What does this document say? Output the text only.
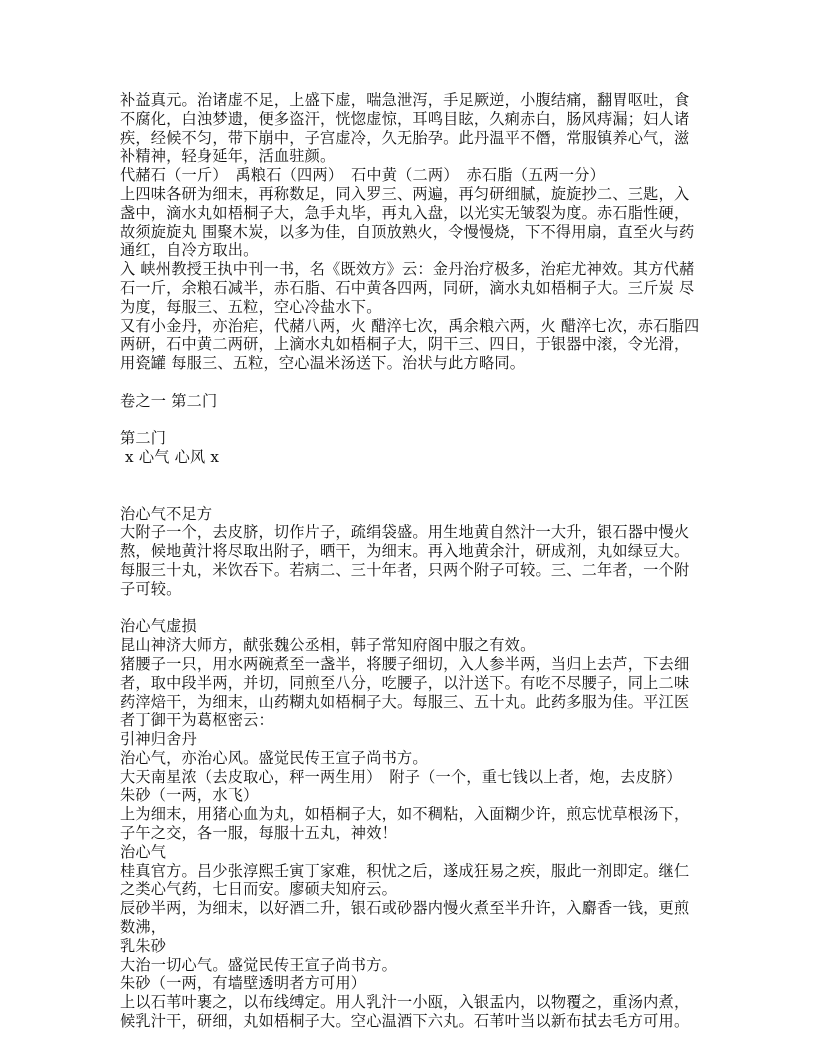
补益真元。治诸虚不足，上盛下虚，喘急泄泻，手足厥逆，小腹结痛，翻胃呕吐，食不腐化，白浊梦遗，便多盗汗，恍惚虚惊，耳鸣目眩，久痢赤白，肠风痔漏；妇人诸疾，经候不匀，带下崩中，子宫虚冷，久无胎孕。此丹温平不僭，常服镇养心气，滋补精神，轻身延年，活血驻颜。

代赭石（一斤）　禹粮石（四两）　石中黄（二两）　赤石脂（五两一分）

上四味各研为细末，再称数足，同入罗三、两遍，再匀研细腻，旋旋抄二、三匙，入盏中，滴水丸如梧桐子大，急手丸毕，再丸入盘，以光实无皱裂为度。赤石脂性硬，故须旋旋丸 围聚木炭，以多为佳，自顶放熟火，令慢慢烧，下不得用扇，直至火与药通红，自冷方取出。

入 峡州教授王执中刊一书，名《既效方》云：金丹治疗极多，治疟尤神效。其方代赭石一斤，余粮石减半，赤石脂、石中黄各四两，同研，滴水丸如梧桐子大。三斤炭 尽为度，每服三、五粒，空心冷盐水下。

又有小金丹，亦治疟，代赭八两，火 醋淬七次，禹余粮六两，火 醋淬七次，赤石脂四两研，石中黄二两研，上滴水丸如梧桐子大，阴干三、四日，于银器中滚，令光滑，用瓷罐 每服三、五粒，空心温米汤送下。治状与此方略同。

卷之一 第二门

第二门

x 心气 心风 x

治心气不足方

大附子一个，去皮脐，切作片子，疏绢袋盛。用生地黄自然汁一大升，银石器中慢火熬，候地黄汁将尽取出附子，晒干，为细末。再入地黄余汁，研成剂，丸如绿豆大。每服三十丸，米饮吞下。若病二、三十年者，只两个附子可较。三、二年者，一个附子可较。

治心气虚损

昆山神济大师方，献张魏公丞相，韩子常知府阁中服之有效。

猪腰子一只，用水两碗煮至一盏半，将腰子细切，入人参半两，当归上去芦，下去细者，取中段半两，并切，同煎至八分，吃腰子，以汁送下。有吃不尽腰子，同上二味药滓焙干，为细末，山药糊丸如梧桐子大。每服三、五十丸。此药多服为佳。平江医者丁御干为葛枢密云：

引神归舍丹

治心气，亦治心风。盛觉民传王宣子尚书方。

大天南星浓（去皮取心，秤一两生用）　附子（一个，重七钱以上者，炮，去皮脐）　朱砂（一两，水飞）

上为细末，用猪心血为丸，如梧桐子大，如不稠粘，入面糊少许，煎忘忧草根汤下，子午之交，各一服，每服十五丸，神效！

治心气

桂真官方。吕少张淳熙壬寅丁家难，积忧之后，遂成狂易之疾，服此一剂即定。继仁之类心气药，七日而安。廖硕夫知府云。

辰砂半两，为细末，以好酒二升，银石或砂器内慢火煮至半升许，入麝香一钱，更煎数沸，

乳朱砂

大治一切心气。盛觉民传王宣子尚书方。

朱砂（一两，有墙壁透明者方可用）

上以石苇叶裹之，以布线缚定。用人乳汁一小瓯，入银盂内，以物覆之，重汤内煮，候乳汁干，研细，丸如梧桐子大。空心温酒下六丸。石苇叶当以新布拭去毛方可用。
